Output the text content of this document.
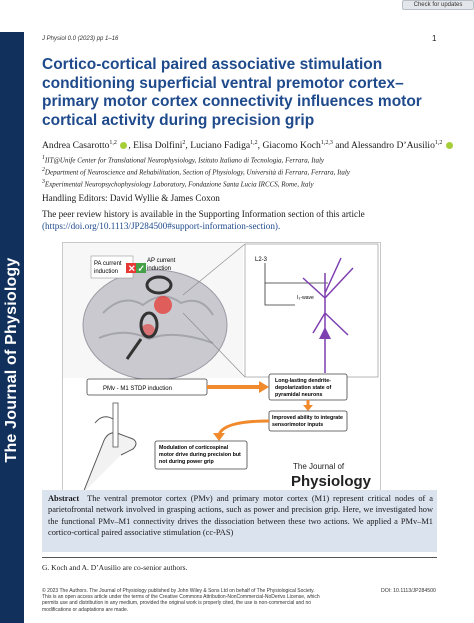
The Journal of Physiology
Check for updates
J Physiol 0.0 (2023) pp 1–16	1
Cortico-cortical paired associative stimulation conditioning superficial ventral premotor cortex–primary motor cortex connectivity influences motor cortical activity during precision grip
Andrea Casarotto$^{1,2}$ , Elisa Dolfini$^2$, Luciano Fadiga$^{1,2}$, Giacomo Koch$^{1,2,3}$ and Alessandro D’Ausilio$^{1,2}$
$^1$IIT@Unife Center for Translational Neurophysiology, Istituto Italiano di Tecnologia, Ferrara, Italy
$^2$Department of Neuroscience and Rehabilitation, Section of Physiology, Università di Ferrara, Ferrara, Italy
$^3$Experimental Neuropsychophysiology Laboratory, Fondazione Santa Lucia IRCCS, Rome, Italy
Handling Editors: David Wyllie & James Coxon
The peer review history is available in the Supporting Information section of this article (https://doi.org/10.1113/JP284500#support-information-section).
PA current
induction ✕
AP current
induction
✓
L2-3
I₃-wave
PMv - M1 STDP induction
Long-lasting dendrite-
depolarization state of
pyramidal neurons
Improved ability to integrate
sensorimotor inputs
Modulation of corticospinal
motor drive during precision but
not during power grip	The Journal of
Physiology

Abstract The ventral premotor cortex (PMv) and primary motor cortex (M1) represent critical nodes of a parietofrontal network involved in grasping actions, such as power and precision grip. Here, we investigated how the functional PMv–M1 connectivity drives the dissociation between these two actions. We applied a PMv–M1 cortico-cortical paired associative stimulation (cc-PAS)

G. Koch and A. D’Ausilio are co-senior authors.
© 2023 The Authors. The Journal of Physiology published by John Wiley & Sons Ltd on behalf of The Physiological Society.
This is an open access article under the terms of the Creative Commons Attribution-NonCommercial-NoDerivs License, which
permits use and distribution in any medium, provided the original work is properly cited, the use is non-commercial and no
modifications or adaptations are made.
DOI: 10.1113/JP284500
